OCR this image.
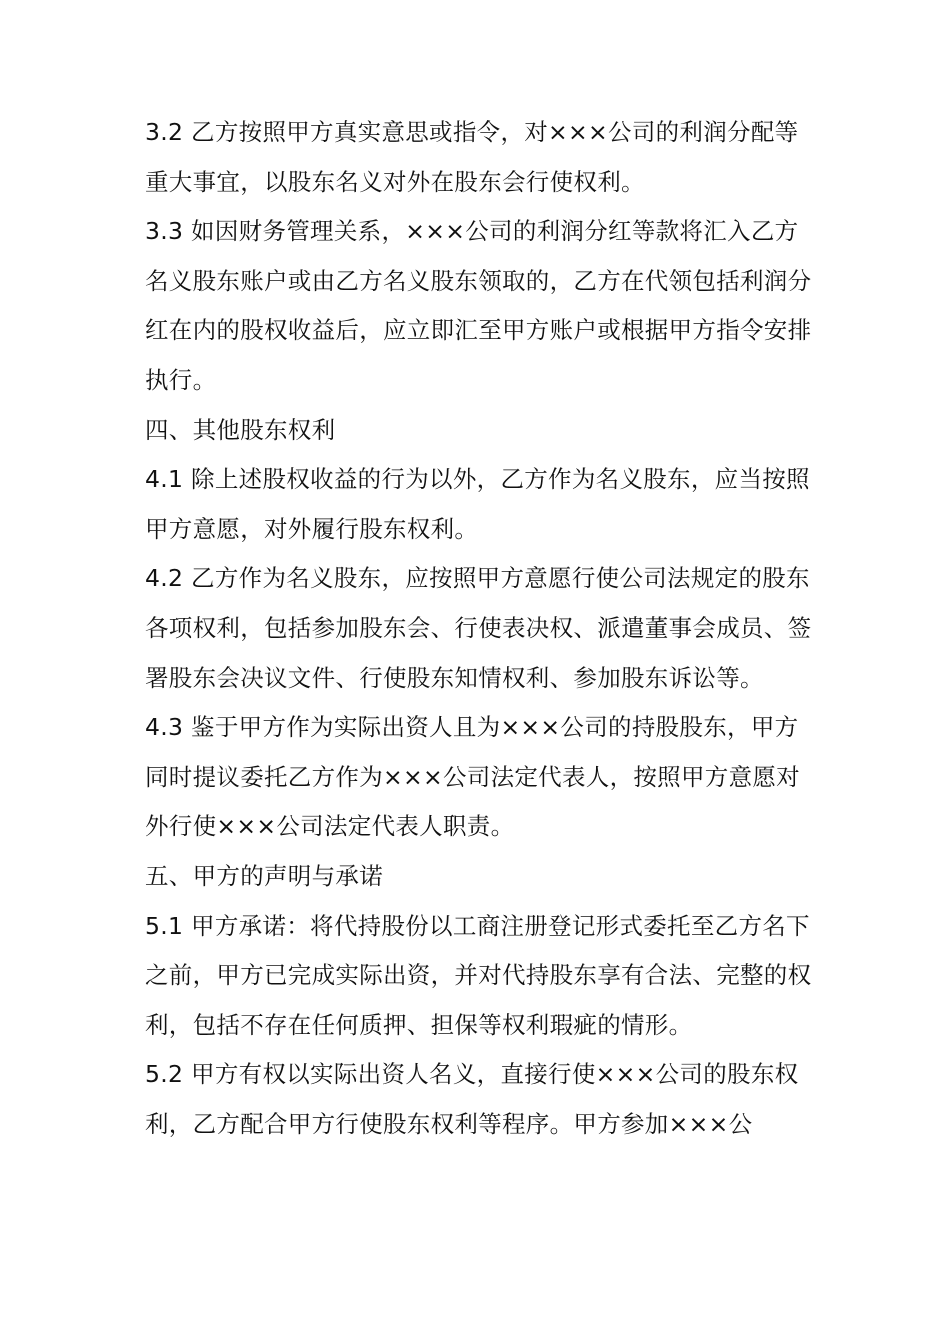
3.2 乙方按照甲方真实意思或指令，对×××公司的利润分配等重大事宜，以股东名义对外在股东会行使权利。

3.3 如因财务管理关系，×××公司的利润分红等款将汇入乙方名义股东账户或由乙方名义股东领取的，乙方在代领包括利润分红在内的股权收益后，应立即汇至甲方账户或根据甲方指令安排执行。

四、其他股东权利

4.1 除上述股权收益的行为以外，乙方作为名义股东，应当按照甲方意愿，对外履行股东权利。

4.2 乙方作为名义股东，应按照甲方意愿行使公司法规定的股东各项权利，包括参加股东会、行使表决权、派遣董事会成员、签署股东会决议文件、行使股东知情权利、参加股东诉讼等。

4.3 鉴于甲方作为实际出资人且为×××公司的持股股东，甲方同时提议委托乙方作为×××公司法定代表人，按照甲方意愿对外行使×××公司法定代表人职责。

五、甲方的声明与承诺

5.1 甲方承诺：将代持股份以工商注册登记形式委托至乙方名下之前，甲方已完成实际出资，并对代持股东享有合法、完整的权利，包括不存在任何质押、担保等权利瑕疵的情形。

5.2 甲方有权以实际出资人名义，直接行使×××公司的股东权利，乙方配合甲方行使股东权利等程序。甲方参加×××公
